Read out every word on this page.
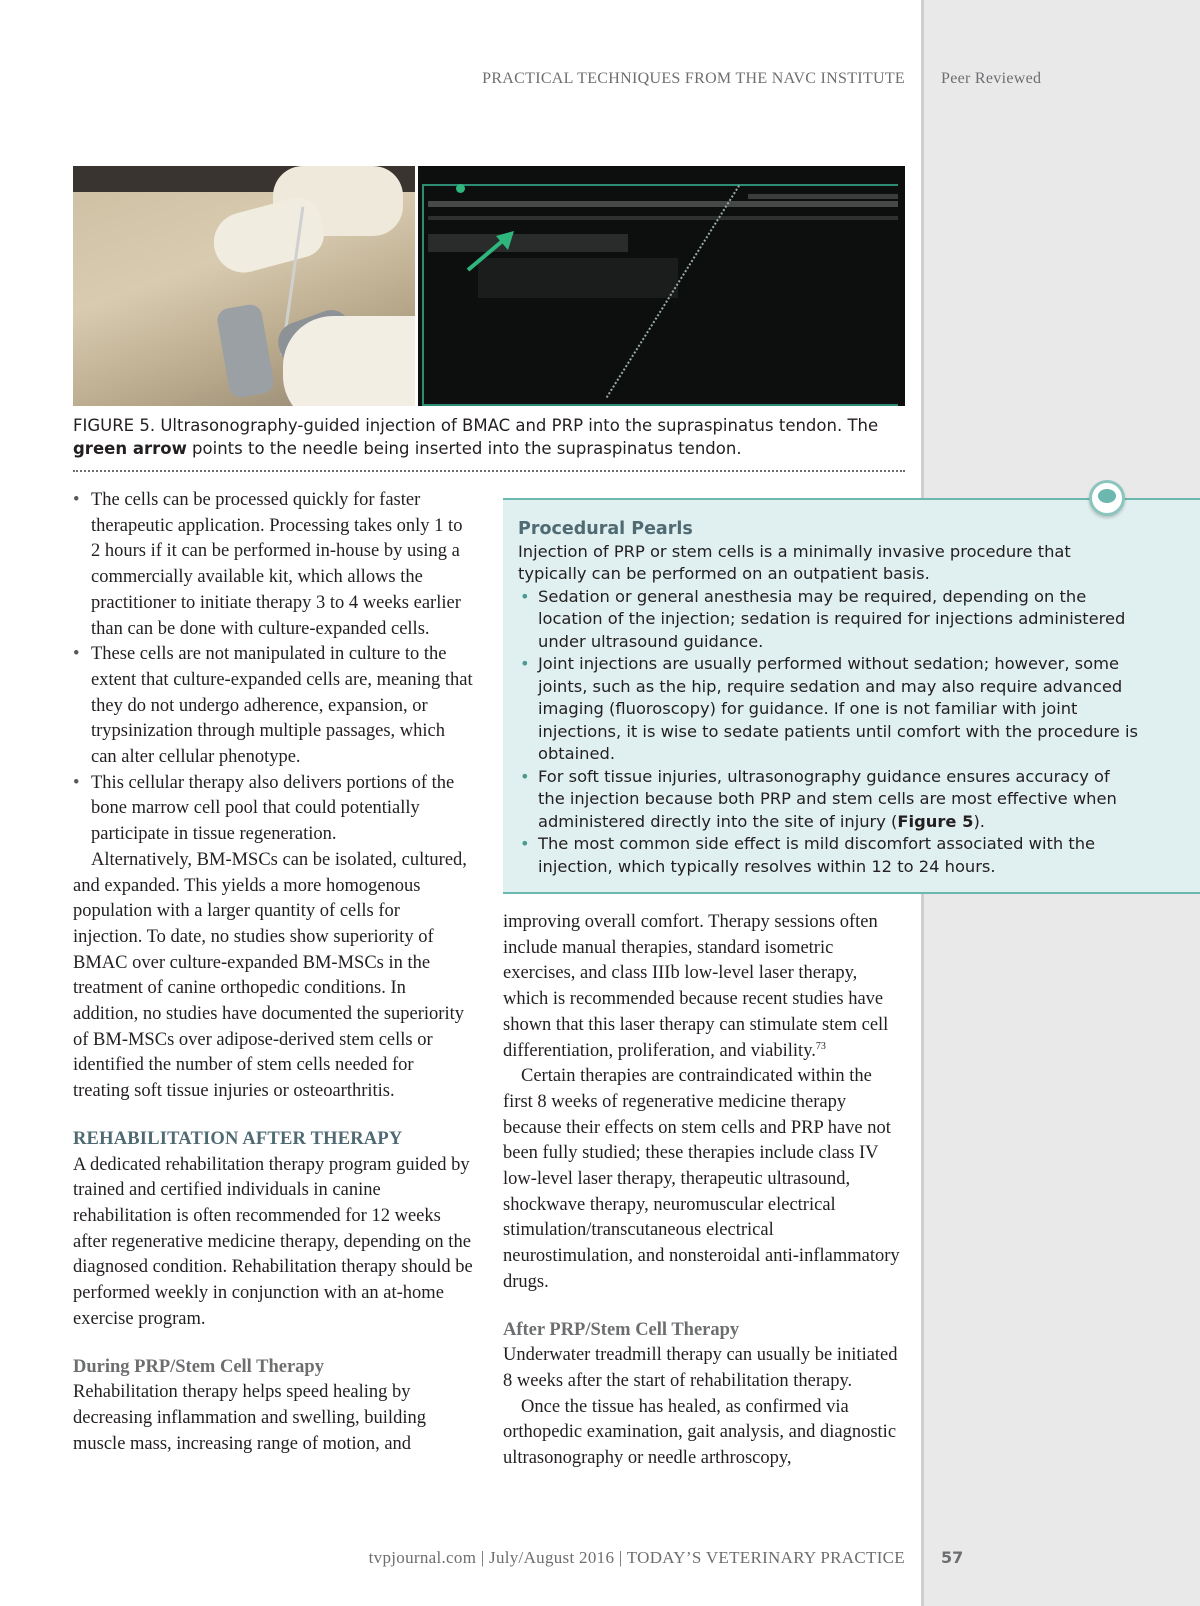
PRACTICAL TECHNIQUES FROM THE NAVC INSTITUTE Peer Reviewed
FIGURE 5. Ultrasonography-guided injection of BMAC and PRP into the supraspinatus tendon. The green arrow points to the needle being inserted into the supraspinatus tendon.
• The cells can be processed quickly for faster therapeutic application. Processing takes only 1 to 2 hours if it can be performed in-house by using a commercially available kit, which allows the practitioner to initiate therapy 3 to 4 weeks earlier than can be done with culture-expanded cells.
• These cells are not manipulated in culture to the extent that culture-expanded cells are, meaning that they do not undergo adherence, expansion, or trypsinization through multiple passages, which can alter cellular phenotype.
• This cellular therapy also delivers portions of the bone marrow cell pool that could potentially participate in tissue regeneration.

Alternatively, BM-MSCs can be isolated, cultured, and expanded. This yields a more homogenous population with a larger quantity of cells for injection. To date, no studies show superiority of BMAC over culture-expanded BM-MSCs in the treatment of canine orthopedic conditions. In addition, no studies have documented the superiority of BM-MSCs over adipose-derived stem cells or identified the number of stem cells needed for treating soft tissue injuries or osteoarthritis.

REHABILITATION AFTER THERAPY

A dedicated rehabilitation therapy program guided by trained and certified individuals in canine rehabilitation is often recommended for 12 weeks after regenerative medicine therapy, depending on the diagnosed condition. Rehabilitation therapy should be performed weekly in conjunction with an at-home exercise program.

During PRP/Stem Cell Therapy

Rehabilitation therapy helps speed healing by decreasing inflammation and swelling, building muscle mass, increasing range of motion, and

Procedural Pearls
Injection of PRP or stem cells is a minimally invasive procedure that typically can be performed on an outpatient basis.
• Sedation or general anesthesia may be required, depending on the location of the injection; sedation is required for injections administered under ultrasound guidance.
• Joint injections are usually performed without sedation; however, some joints, such as the hip, require sedation and may also require advanced imaging (fluoroscopy) for guidance. If one is not familiar with joint injections, it is wise to sedate patients until comfort with the procedure is obtained.
• For soft tissue injuries, ultrasonography guidance ensures accuracy of the injection because both PRP and stem cells are most effective when administered directly into the site of injury (Figure 5).
• The most common side effect is mild discomfort associated with the injection, which typically resolves within 12 to 24 hours.

improving overall comfort. Therapy sessions often include manual therapies, standard isometric exercises, and class IIIb low-level laser therapy, which is recommended because recent studies have shown that this laser therapy can stimulate stem cell differentiation, proliferation, and viability.$^{73}$

Certain therapies are contraindicated within the first 8 weeks of regenerative medicine therapy because their effects on stem cells and PRP have not been fully studied; these therapies include class IV low-level laser therapy, therapeutic ultrasound, shockwave therapy, neuromuscular electrical stimulation/transcutaneous electrical neurostimulation, and nonsteroidal anti-inflammatory drugs.

After PRP/Stem Cell Therapy

Underwater treadmill therapy can usually be initiated 8 weeks after the start of rehabilitation therapy.

Once the tissue has healed, as confirmed via orthopedic examination, gait analysis, and diagnostic ultrasonography or needle arthroscopy,

tvpjournal.com | July/August 2016 | TODAY’S VETERINARY PRACTICE 57
